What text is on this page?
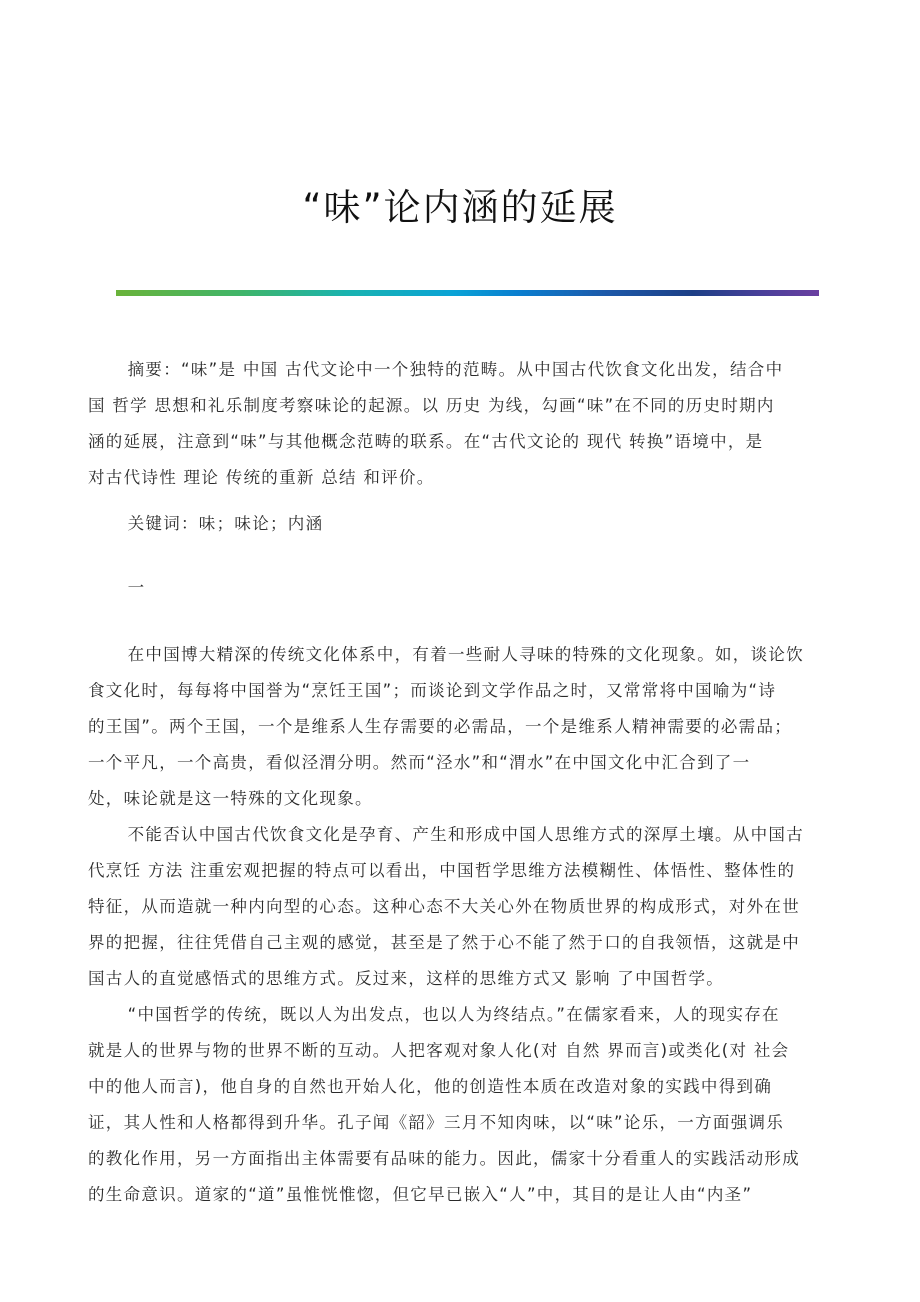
“味”论内涵的延展
摘要：“味”是 中国 古代文论中一个独特的范畴。从中国古代饮食文化出发，结合中
国 哲学 思想和礼乐制度考察味论的起源。以 历史 为线，勾画“味”在不同的历史时期内
涵的延展，注意到“味”与其他概念范畴的联系。在“古代文论的 现代 转换”语境中，是
对古代诗性 理论 传统的重新 总结 和评价。
关键词：味；味论；内涵
一
在中国博大精深的传统文化体系中，有着一些耐人寻味的特殊的文化现象。如，谈论饮
食文化时，每每将中国誉为“烹饪王国”；而谈论到文学作品之时，又常常将中国喻为“诗
的王国”。两个王国，一个是维系人生存需要的必需品，一个是维系人精神需要的必需品；
一个平凡，一个高贵，看似泾渭分明。然而“泾水”和“渭水”在中国文化中汇合到了一
处，味论就是这一特殊的文化现象。
不能否认中国古代饮食文化是孕育、产生和形成中国人思维方式的深厚土壤。从中国古
代烹饪 方法 注重宏观把握的特点可以看出，中国哲学思维方法模糊性、体悟性、整体性的
特征，从而造就一种内向型的心态。这种心态不大关心外在物质世界的构成形式，对外在世
界的把握，往往凭借自己主观的感觉，甚至是了然于心不能了然于口的自我领悟，这就是中
国古人的直觉感悟式的思维方式。反过来，这样的思维方式又 影响 了中国哲学。
“中国哲学的传统，既以人为出发点，也以人为终结点。”在儒家看来，人的现实存在
就是人的世界与物的世界不断的互动。人把客观对象人化(对 自然 界而言)或类化(对 社会
中的他人而言)，他自身的自然也开始人化，他的创造性本质在改造对象的实践中得到确
证，其人性和人格都得到升华。孔子闻《韶》三月不知肉味，以“味”论乐，一方面强调乐
的教化作用，另一方面指出主体需要有品味的能力。因此，儒家十分看重人的实践活动形成
的生命意识。道家的“道”虽惟恍惟惚，但它早已嵌入“人”中，其目的是让人由“内圣”
